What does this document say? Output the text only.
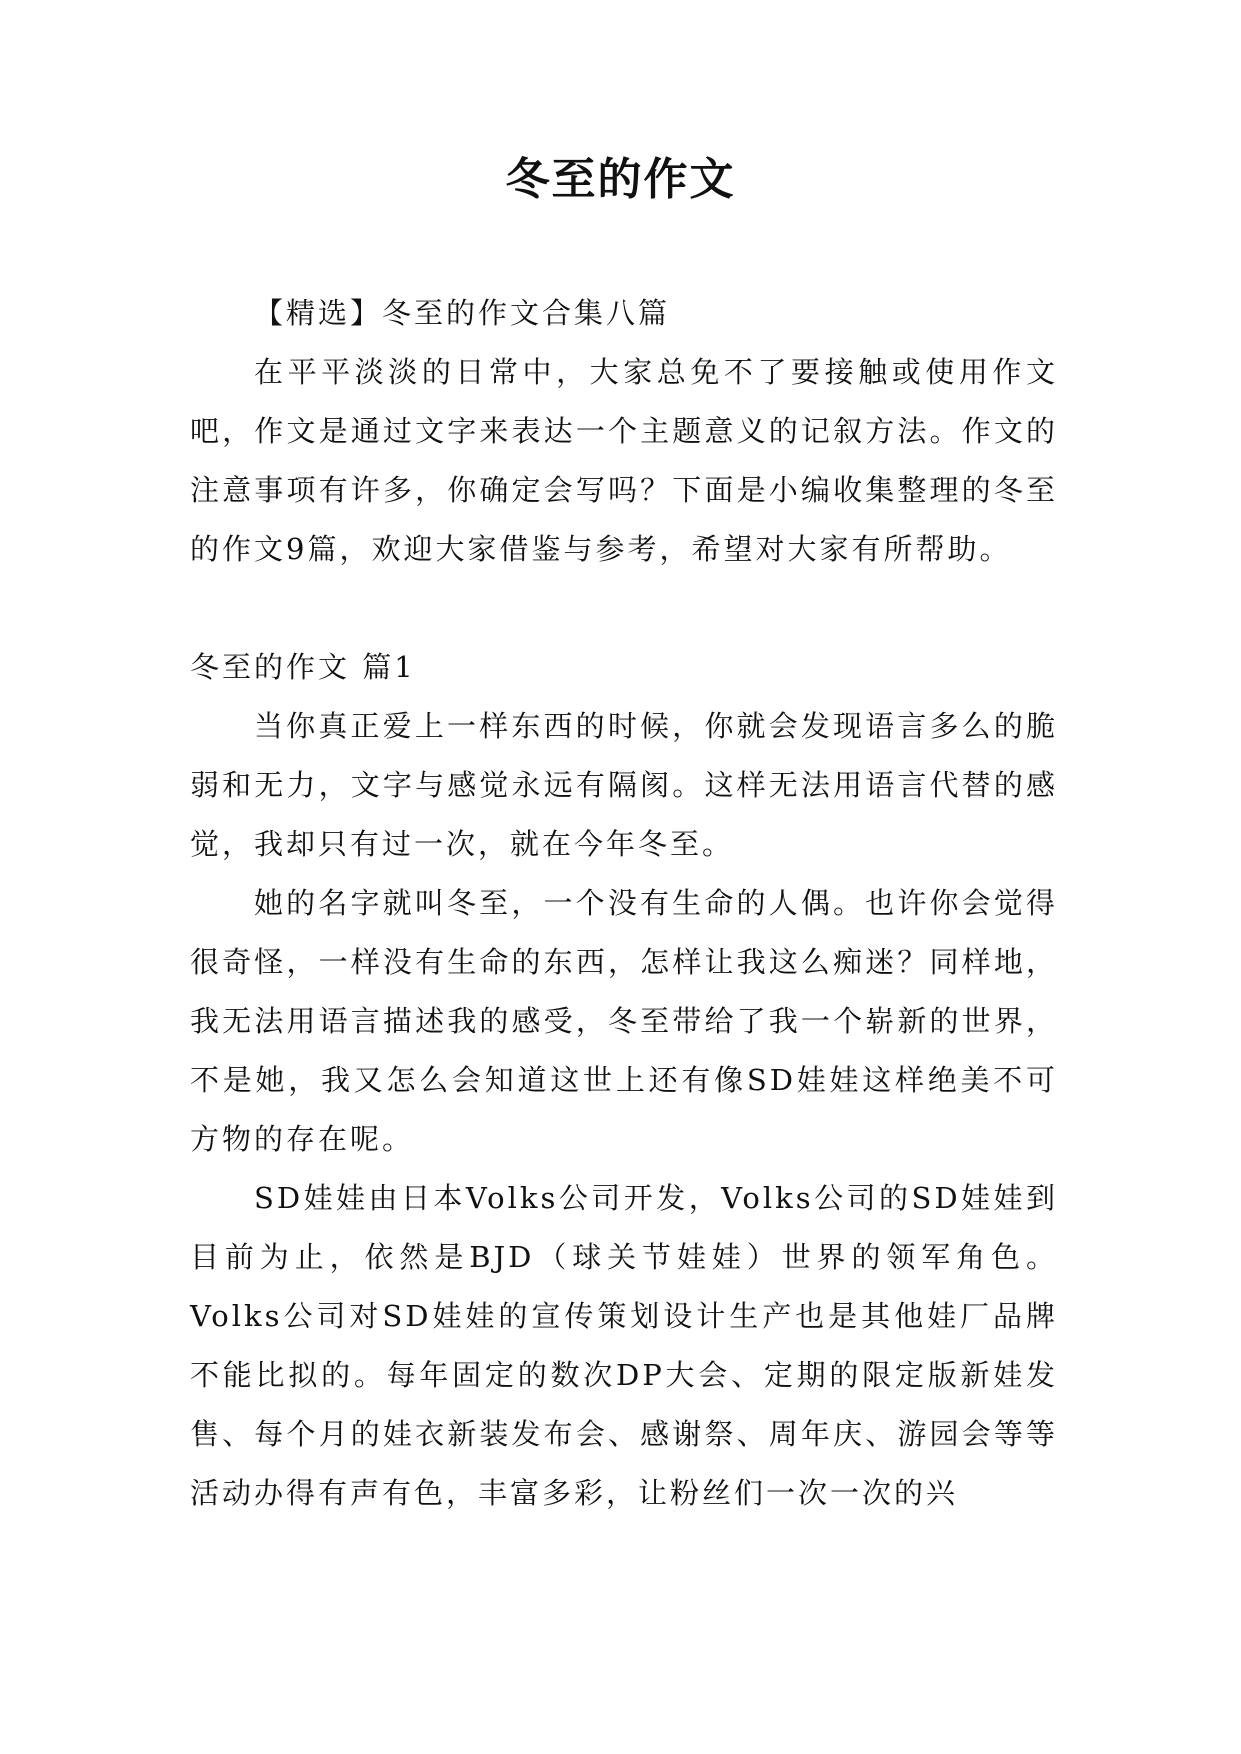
冬至的作文

【精选】冬至的作文合集八篇

在平平淡淡的日常中，大家总免不了要接触或使用作文吧，作文是通过文字来表达一个主题意义的记叙方法。作文的注意事项有许多，你确定会写吗？下面是小编收集整理的冬至的作文9篇，欢迎大家借鉴与参考，希望对大家有所帮助。

冬至的作文 篇1

当你真正爱上一样东西的时候，你就会发现语言多么的脆弱和无力，文字与感觉永远有隔阂。这样无法用语言代替的感觉，我却只有过一次，就在今年冬至。

她的名字就叫冬至，一个没有生命的人偶。也许你会觉得很奇怪，一样没有生命的东西，怎样让我这么痴迷？同样地，我无法用语言描述我的感受，冬至带给了我一个崭新的世界，不是她，我又怎么会知道这世上还有像SD娃娃这样绝美不可方物的存在呢。

SD娃娃由日本Volks公司开发，Volks公司的SD娃娃到目前为止，依然是BJD（球关节娃娃）世界的领军角色。Volks公司对SD娃娃的宣传策划设计生产也是其他娃厂品牌不能比拟的。每年固定的数次DP大会、定期的限定版新娃发售、每个月的娃衣新装发布会、感谢祭、周年庆、游园会等等活动办得有声有色，丰富多彩，让粉丝们一次一次的兴
